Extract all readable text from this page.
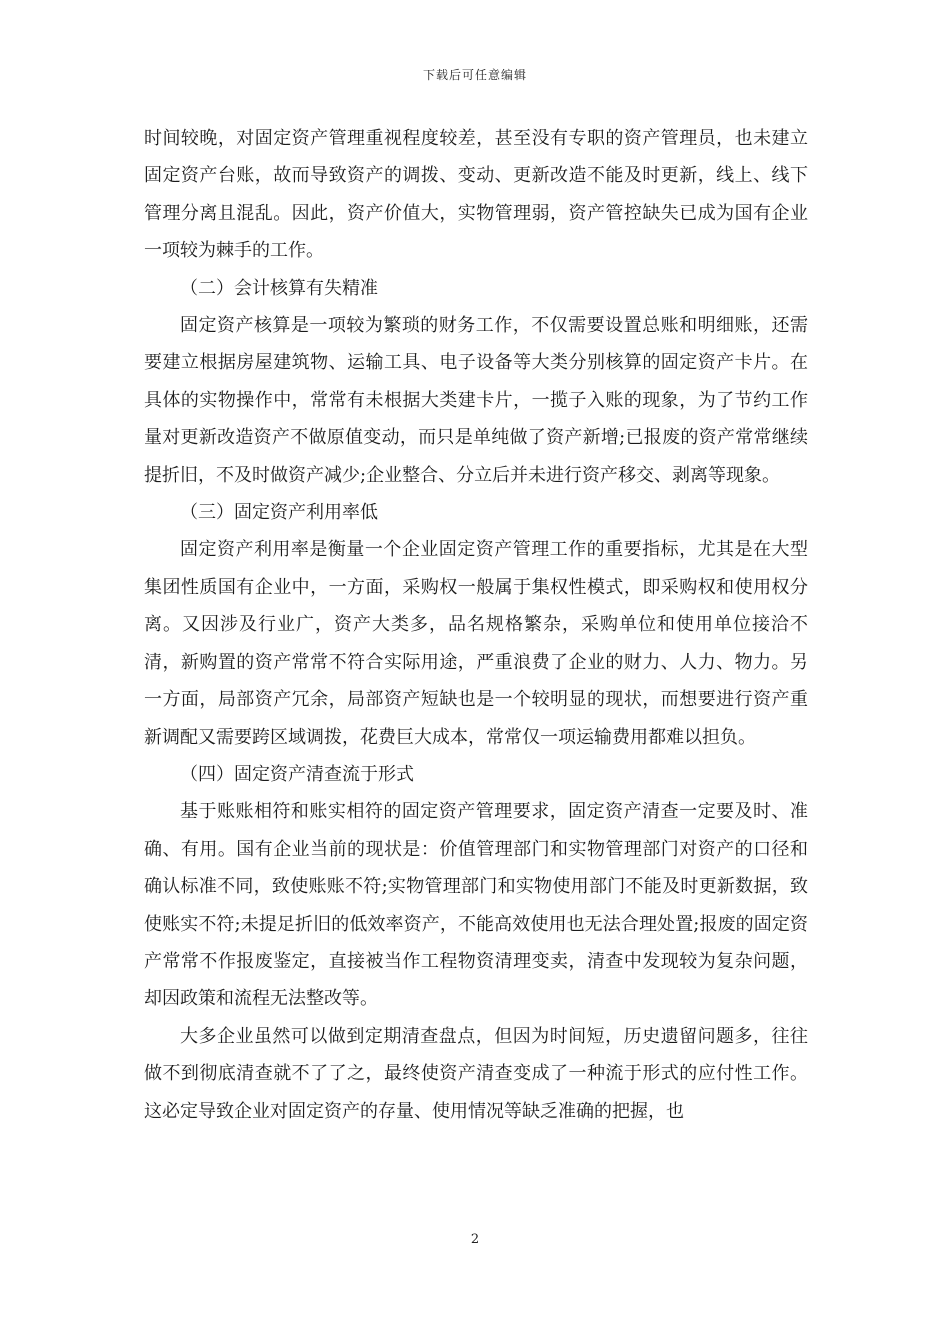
下载后可任意编辑

时间较晚，对固定资产管理重视程度较差，甚至没有专职的资产管理员，也未建立固定资产台账，故而导致资产的调拨、变动、更新改造不能及时更新，线上、线下管理分离且混乱。因此，资产价值大，实物管理弱，资产管控缺失已成为国有企业一项较为棘手的工作。

（二）会计核算有失精准

固定资产核算是一项较为繁琐的财务工作，不仅需要设置总账和明细账，还需要建立根据房屋建筑物、运输工具、电子设备等大类分别核算的固定资产卡片。在具体的实物操作中，常常有未根据大类建卡片，一揽子入账的现象，为了节约工作量对更新改造资产不做原值变动，而只是单纯做了资产新增;已报废的资产常常继续提折旧，不及时做资产减少;企业整合、分立后并未进行资产移交、剥离等现象。

（三）固定资产利用率低

固定资产利用率是衡量一个企业固定资产管理工作的重要指标，尤其是在大型集团性质国有企业中，一方面，采购权一般属于集权性模式，即采购权和使用权分离。又因涉及行业广，资产大类多，品名规格繁杂，采购单位和使用单位接洽不清，新购置的资产常常不符合实际用途，严重浪费了企业的财力、人力、物力。另一方面，局部资产冗余，局部资产短缺也是一个较明显的现状，而想要进行资产重新调配又需要跨区域调拨，花费巨大成本，常常仅一项运输费用都难以担负。

（四）固定资产清查流于形式

基于账账相符和账实相符的固定资产管理要求，固定资产清查一定要及时、准确、有用。国有企业当前的现状是：价值管理部门和实物管理部门对资产的口径和确认标准不同，致使账账不符;实物管理部门和实物使用部门不能及时更新数据，致使账实不符;未提足折旧的低效率资产，不能高效使用也无法合理处置;报废的固定资产常常不作报废鉴定，直接被当作工程物资清理变卖，清查中发现较为复杂问题，却因政策和流程无法整改等。

大多企业虽然可以做到定期清查盘点，但因为时间短，历史遗留问题多，往往做不到彻底清查就不了了之，最终使资产清查变成了一种流于形式的应付性工作。这必定导致企业对固定资产的存量、使用情况等缺乏准确的把握，也

2
